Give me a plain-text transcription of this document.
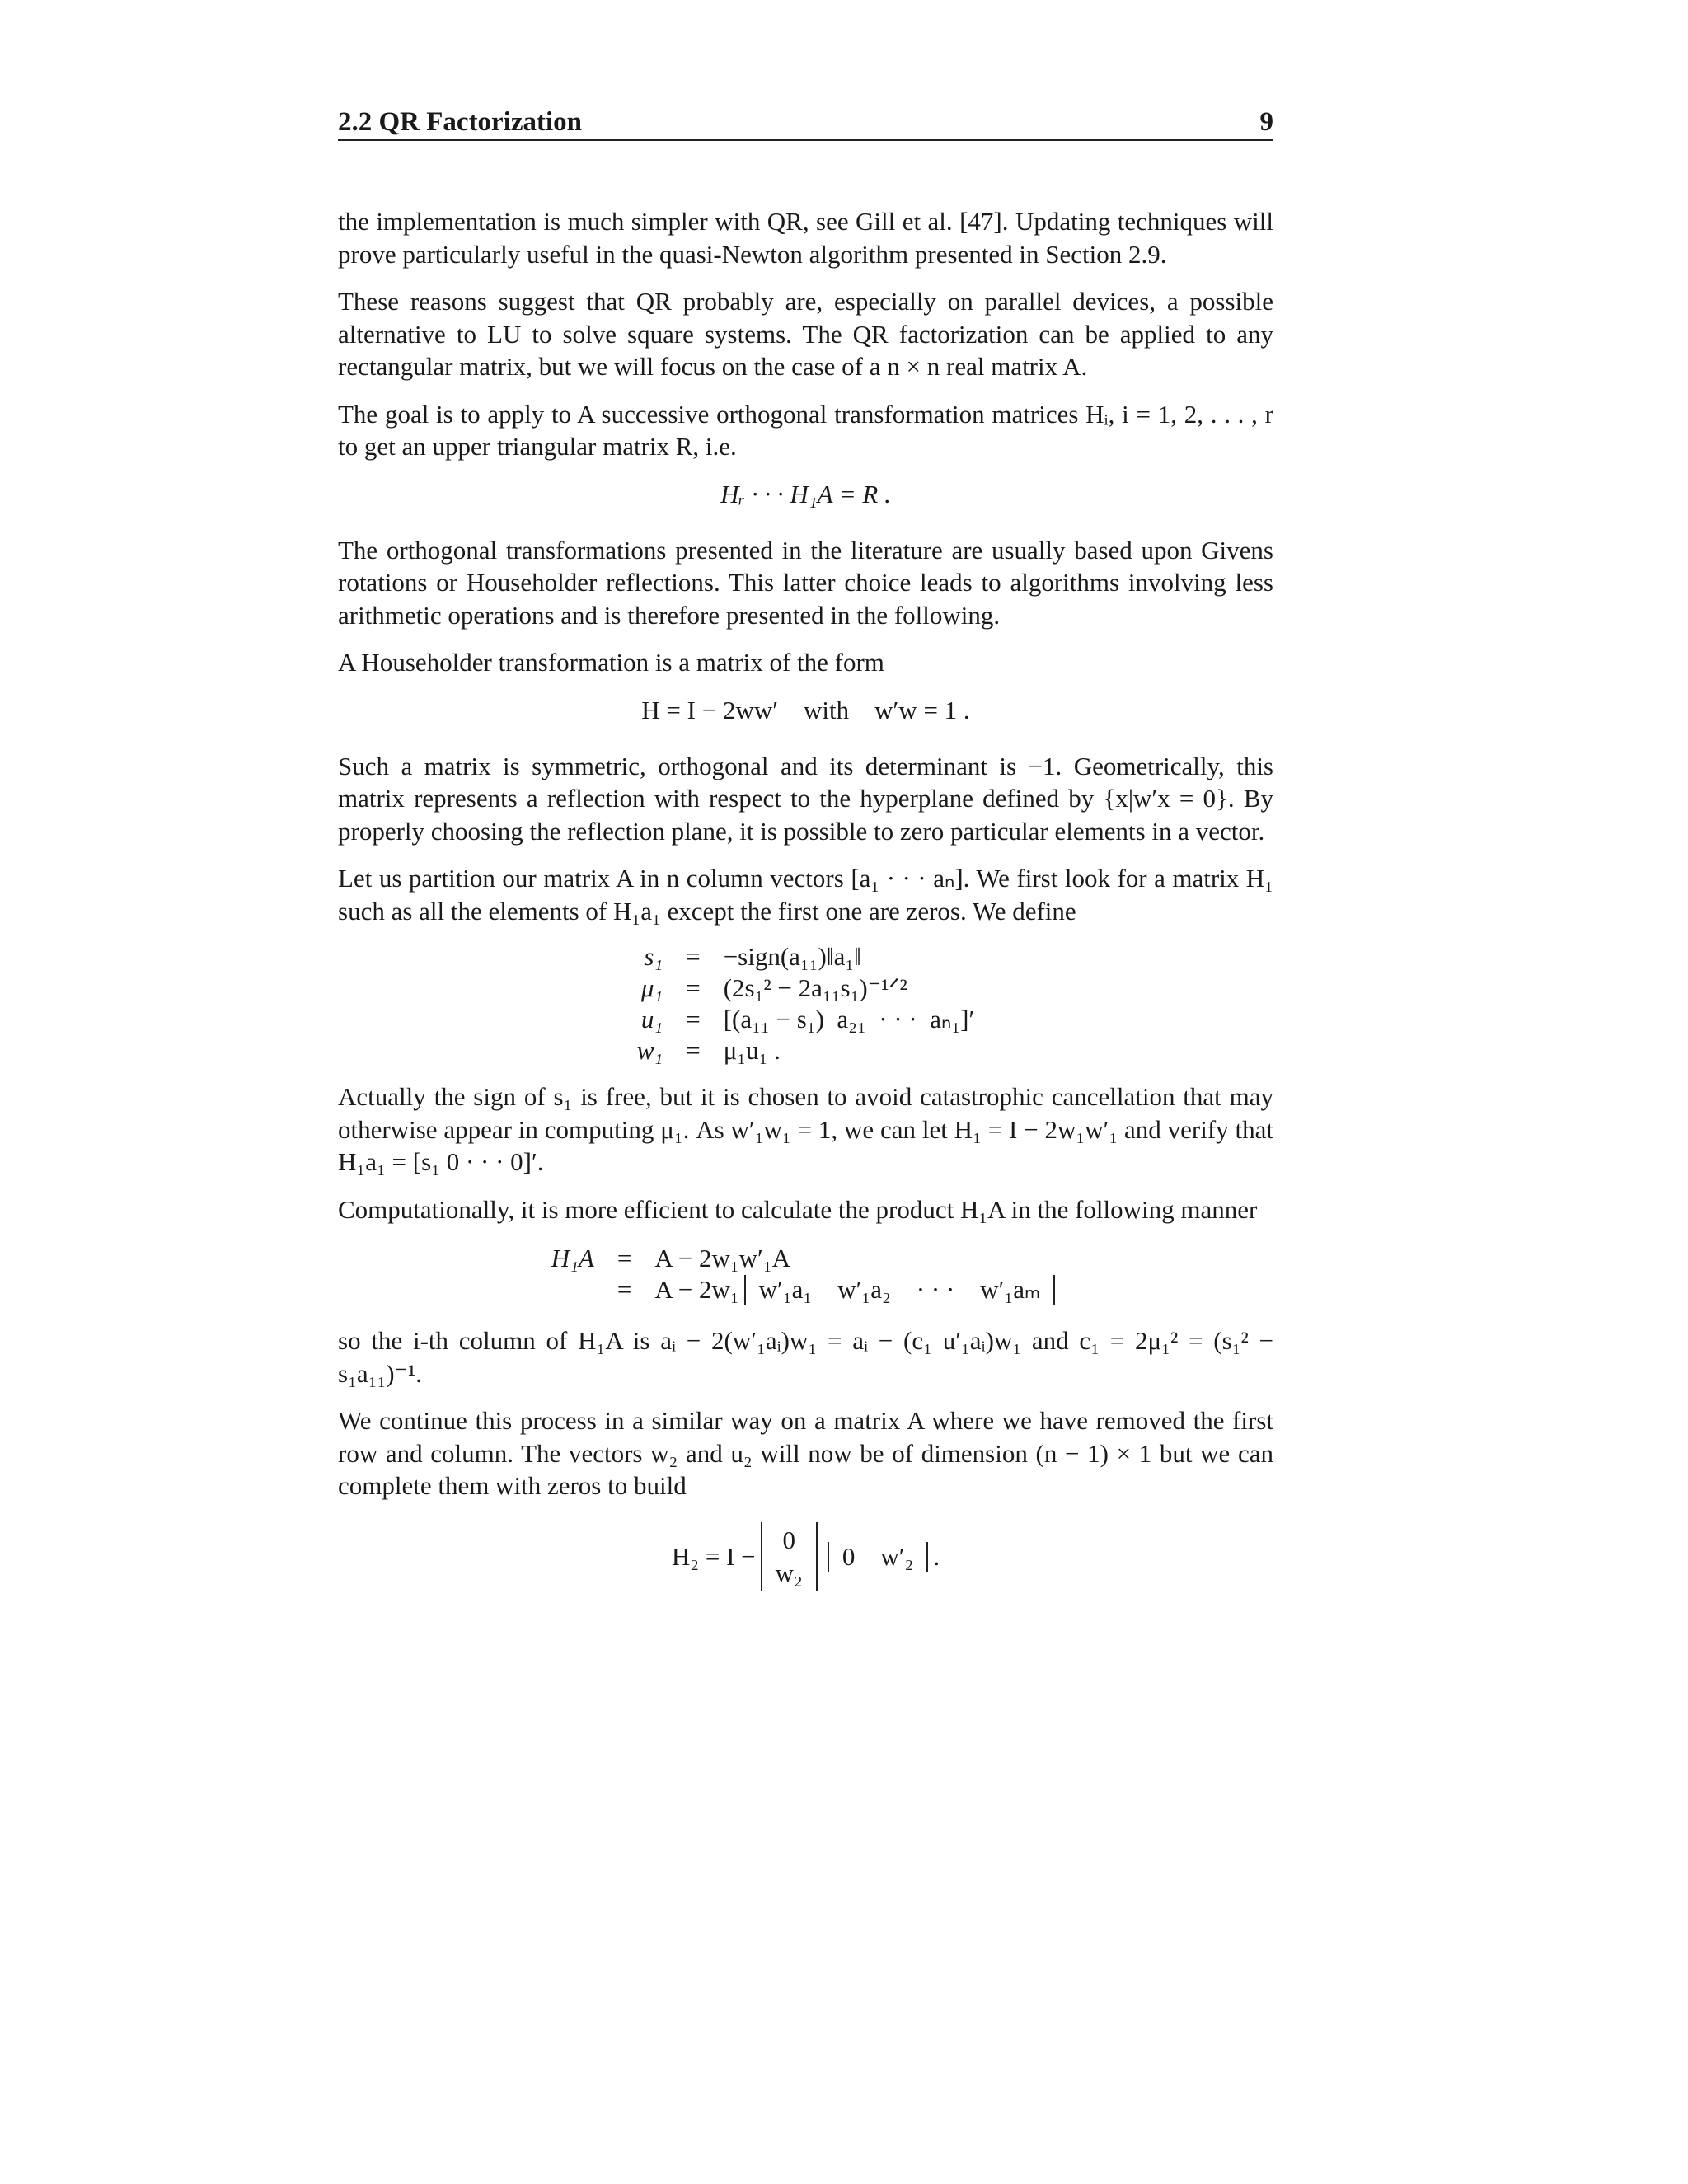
2.2 QR Factorization	9

the implementation is much simpler with QR, see Gill et al. [47]. Updating techniques will prove particularly useful in the quasi-Newton algorithm presented in Section 2.9.

These reasons suggest that QR probably are, especially on parallel devices, a possible alternative to LU to solve square systems. The QR factorization can be applied to any rectangular matrix, but we will focus on the case of a n × n real matrix A.

The goal is to apply to A successive orthogonal transformation matrices Hᵢ, i = 1, 2, . . . , r to get an upper triangular matrix R, i.e.

Hᵣ · · · H₁A = R .

The orthogonal transformations presented in the literature are usually based upon Givens rotations or Householder reflections. This latter choice leads to algorithms involving less arithmetic operations and is therefore presented in the following.

A Householder transformation is a matrix of the form

H = I − 2ww′    with    w′w = 1 .

Such a matrix is symmetric, orthogonal and its determinant is −1. Geometrically, this matrix represents a reflection with respect to the hyperplane defined by {x|w′x = 0}. By properly choosing the reflection plane, it is possible to zero particular elements in a vector.

Let us partition our matrix A in n column vectors [a₁ · · · aₙ]. We first look for a matrix H₁ such as all the elements of H₁a₁ except the first one are zeros. We define

s₁ = −sign(a₁₁)‖a₁‖
μ₁ = (2s₁² − 2a₁₁s₁)⁻¹ᐟ²
u₁ = [(a₁₁ − s₁)  a₂₁  · · ·  aₙ₁]′
w₁ = μ₁u₁ .

Actually the sign of s₁ is free, but it is chosen to avoid catastrophic cancellation that may otherwise appear in computing μ₁. As w′₁w₁ = 1, we can let H₁ = I − 2w₁w′₁ and verify that H₁a₁ = [s₁ 0 · · · 0]′.

Computationally, it is more efficient to calculate the product H₁A in the following manner

H₁A = A − 2w₁w′₁A
= A − 2w₁ w′₁a₁    w′₁a₂    · · ·    w′₁aₘ

so the i-th column of H₁A is aᵢ − 2(w′₁aᵢ)w₁ = aᵢ − (c₁ u′₁aᵢ)w₁ and c₁ = 2μ₁² = (s₁² − s₁a₁₁)⁻¹.

We continue this process in a similar way on a matrix A where we have removed the first row and column. The vectors w₂ and u₂ will now be of dimension (n − 1) × 1 but we can complete them with zeros to build

H₂ = I −
0
w₂
0    w′₂ .
